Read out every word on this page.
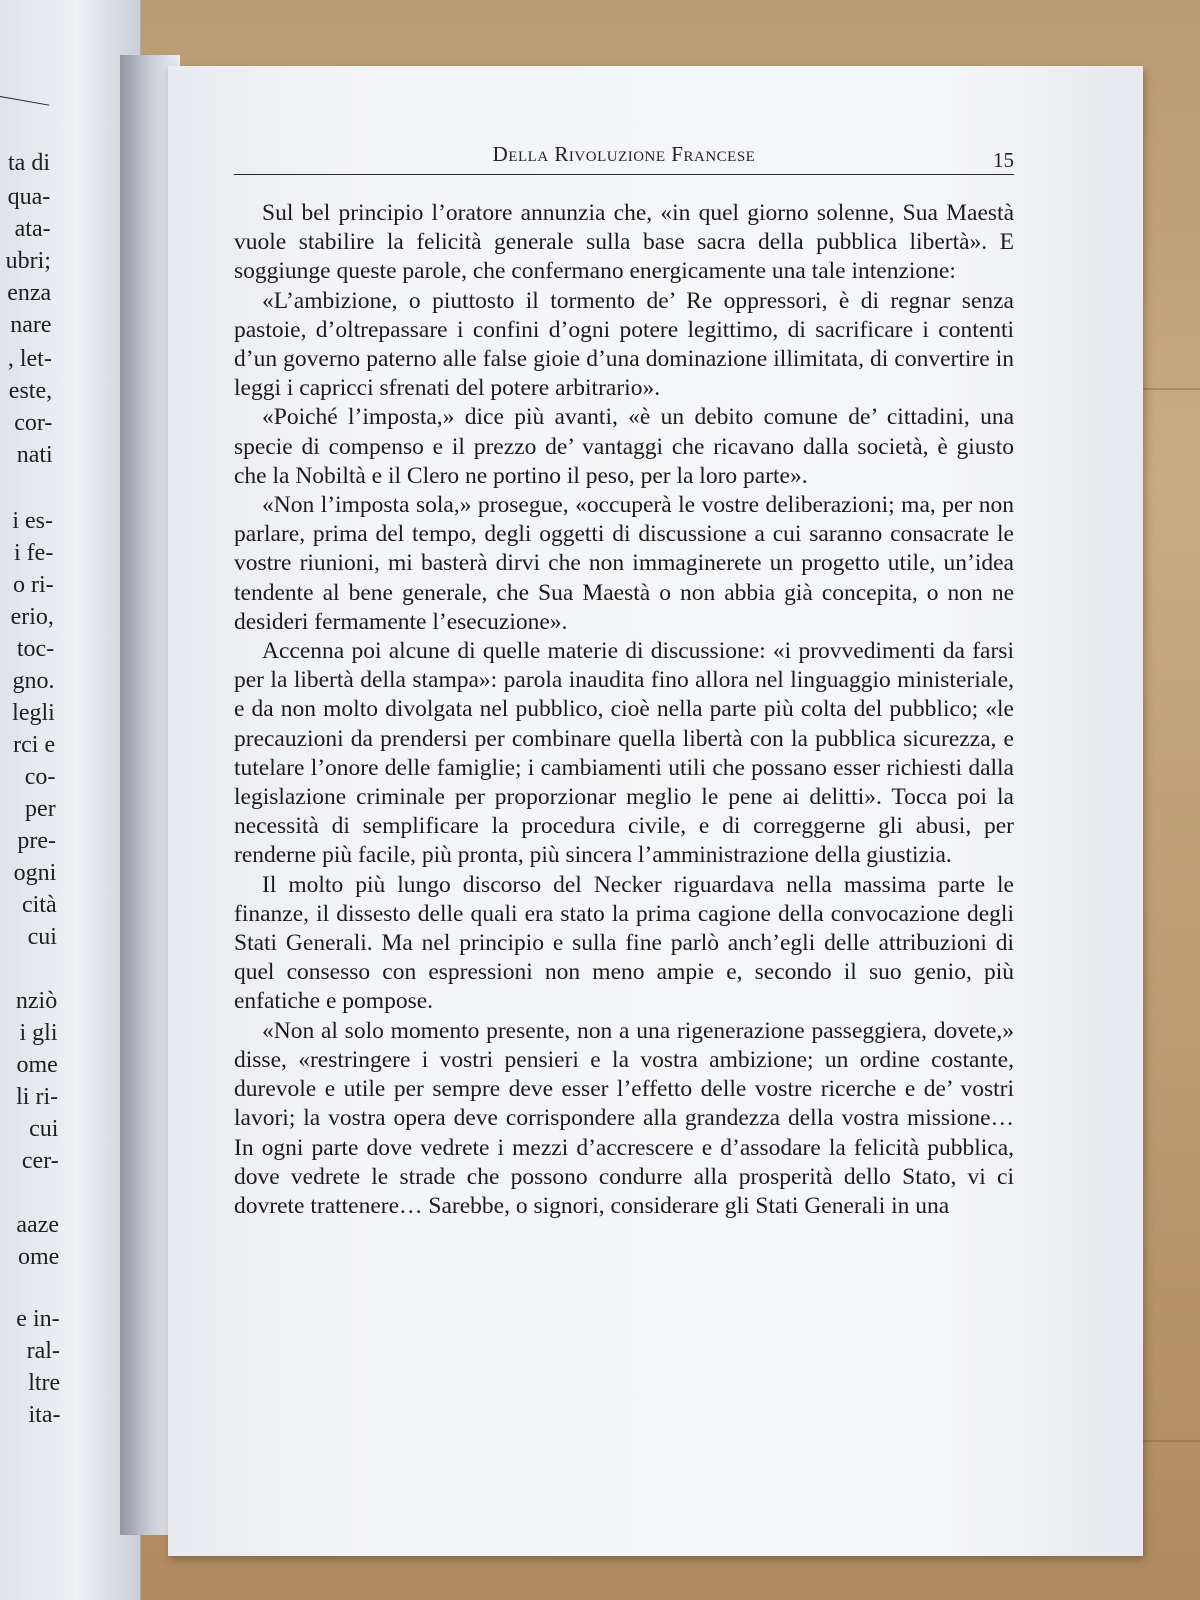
ta di
qua-
ata-
ubri;
enza
nare
, let-
este,
cor-
nati
i es-
i fe-
o ri-
erio,
toc-
gno.
legli
rci e
co-
per
pre-
ogni
cità
cui
nziò
i gli
ome
li ri-
cui
cer-
aaze
ome
e in-
ral-
ltre
ita-
Della Rivoluzione Francese	15

Sul bel principio l’oratore annunzia che, «in quel giorno solenne, Sua Maestà vuole stabilire la felicità generale sulla base sacra della pubblica libertà». E soggiunge queste parole, che confermano energicamente una tale intenzione:

«L’ambizione, o piuttosto il tormento de’ Re oppressori, è di regnar senza pastoie, d’oltrepassare i confini d’ogni potere legittimo, di sacrificare i contenti d’un governo paterno alle false gioie d’una dominazione illimitata, di convertire in leggi i capricci sfrenati del potere arbitrario».

«Poiché l’imposta,» dice più avanti, «è un debito comune de’ cittadini, una specie di compenso e il prezzo de’ vantaggi che ricavano dalla società, è giusto che la Nobiltà e il Clero ne portino il peso, per la loro parte».

«Non l’imposta sola,» prosegue, «occuperà le vostre deliberazioni; ma, per non parlare, prima del tempo, degli oggetti di discussione a cui saranno consacrate le vostre riunioni, mi basterà dirvi che non immaginerete un progetto utile, un’idea tendente al bene generale, che Sua Maestà o non abbia già concepita, o non ne desideri fermamente l’esecuzione».

Accenna poi alcune di quelle materie di discussione: «i provvedimenti da farsi per la libertà della stampa»: parola inaudita fino allora nel linguaggio ministeriale, e da non molto divolgata nel pubblico, cioè nella parte più colta del pubblico; «le precauzioni da prendersi per combinare quella libertà con la pubblica sicurezza, e tutelare l’onore delle famiglie; i cambiamenti utili che possano esser richiesti dalla legislazione criminale per proporzionar meglio le pene ai delitti». Tocca poi la necessità di semplificare la procedura civile, e di correggerne gli abusi, per renderne più facile, più pronta, più sincera l’amministrazione della giustizia.

Il molto più lungo discorso del Necker riguardava nella massima parte le finanze, il dissesto delle quali era stato la prima cagione della convocazione degli Stati Generali. Ma nel principio e sulla fine parlò anch’egli delle attribuzioni di quel consesso con espressioni non meno ampie e, secondo il suo genio, più enfatiche e pompose.

«Non al solo momento presente, non a una rigenerazione passeggiera, dovete,» disse, «restringere i vostri pensieri e la vostra ambizione; un ordine costante, durevole e utile per sempre deve esser l’effetto delle vostre ricerche e de’ vostri lavori; la vostra opera deve corrispondere alla grandezza della vostra missione… In ogni parte dove vedrete i mezzi d’accrescere e d’assodare la felicità pubblica, dove vedrete le strade che possono condurre alla prosperità dello Stato, vi ci dovrete trattenere… Sarebbe, o signori, considerare gli Stati Generali in una
